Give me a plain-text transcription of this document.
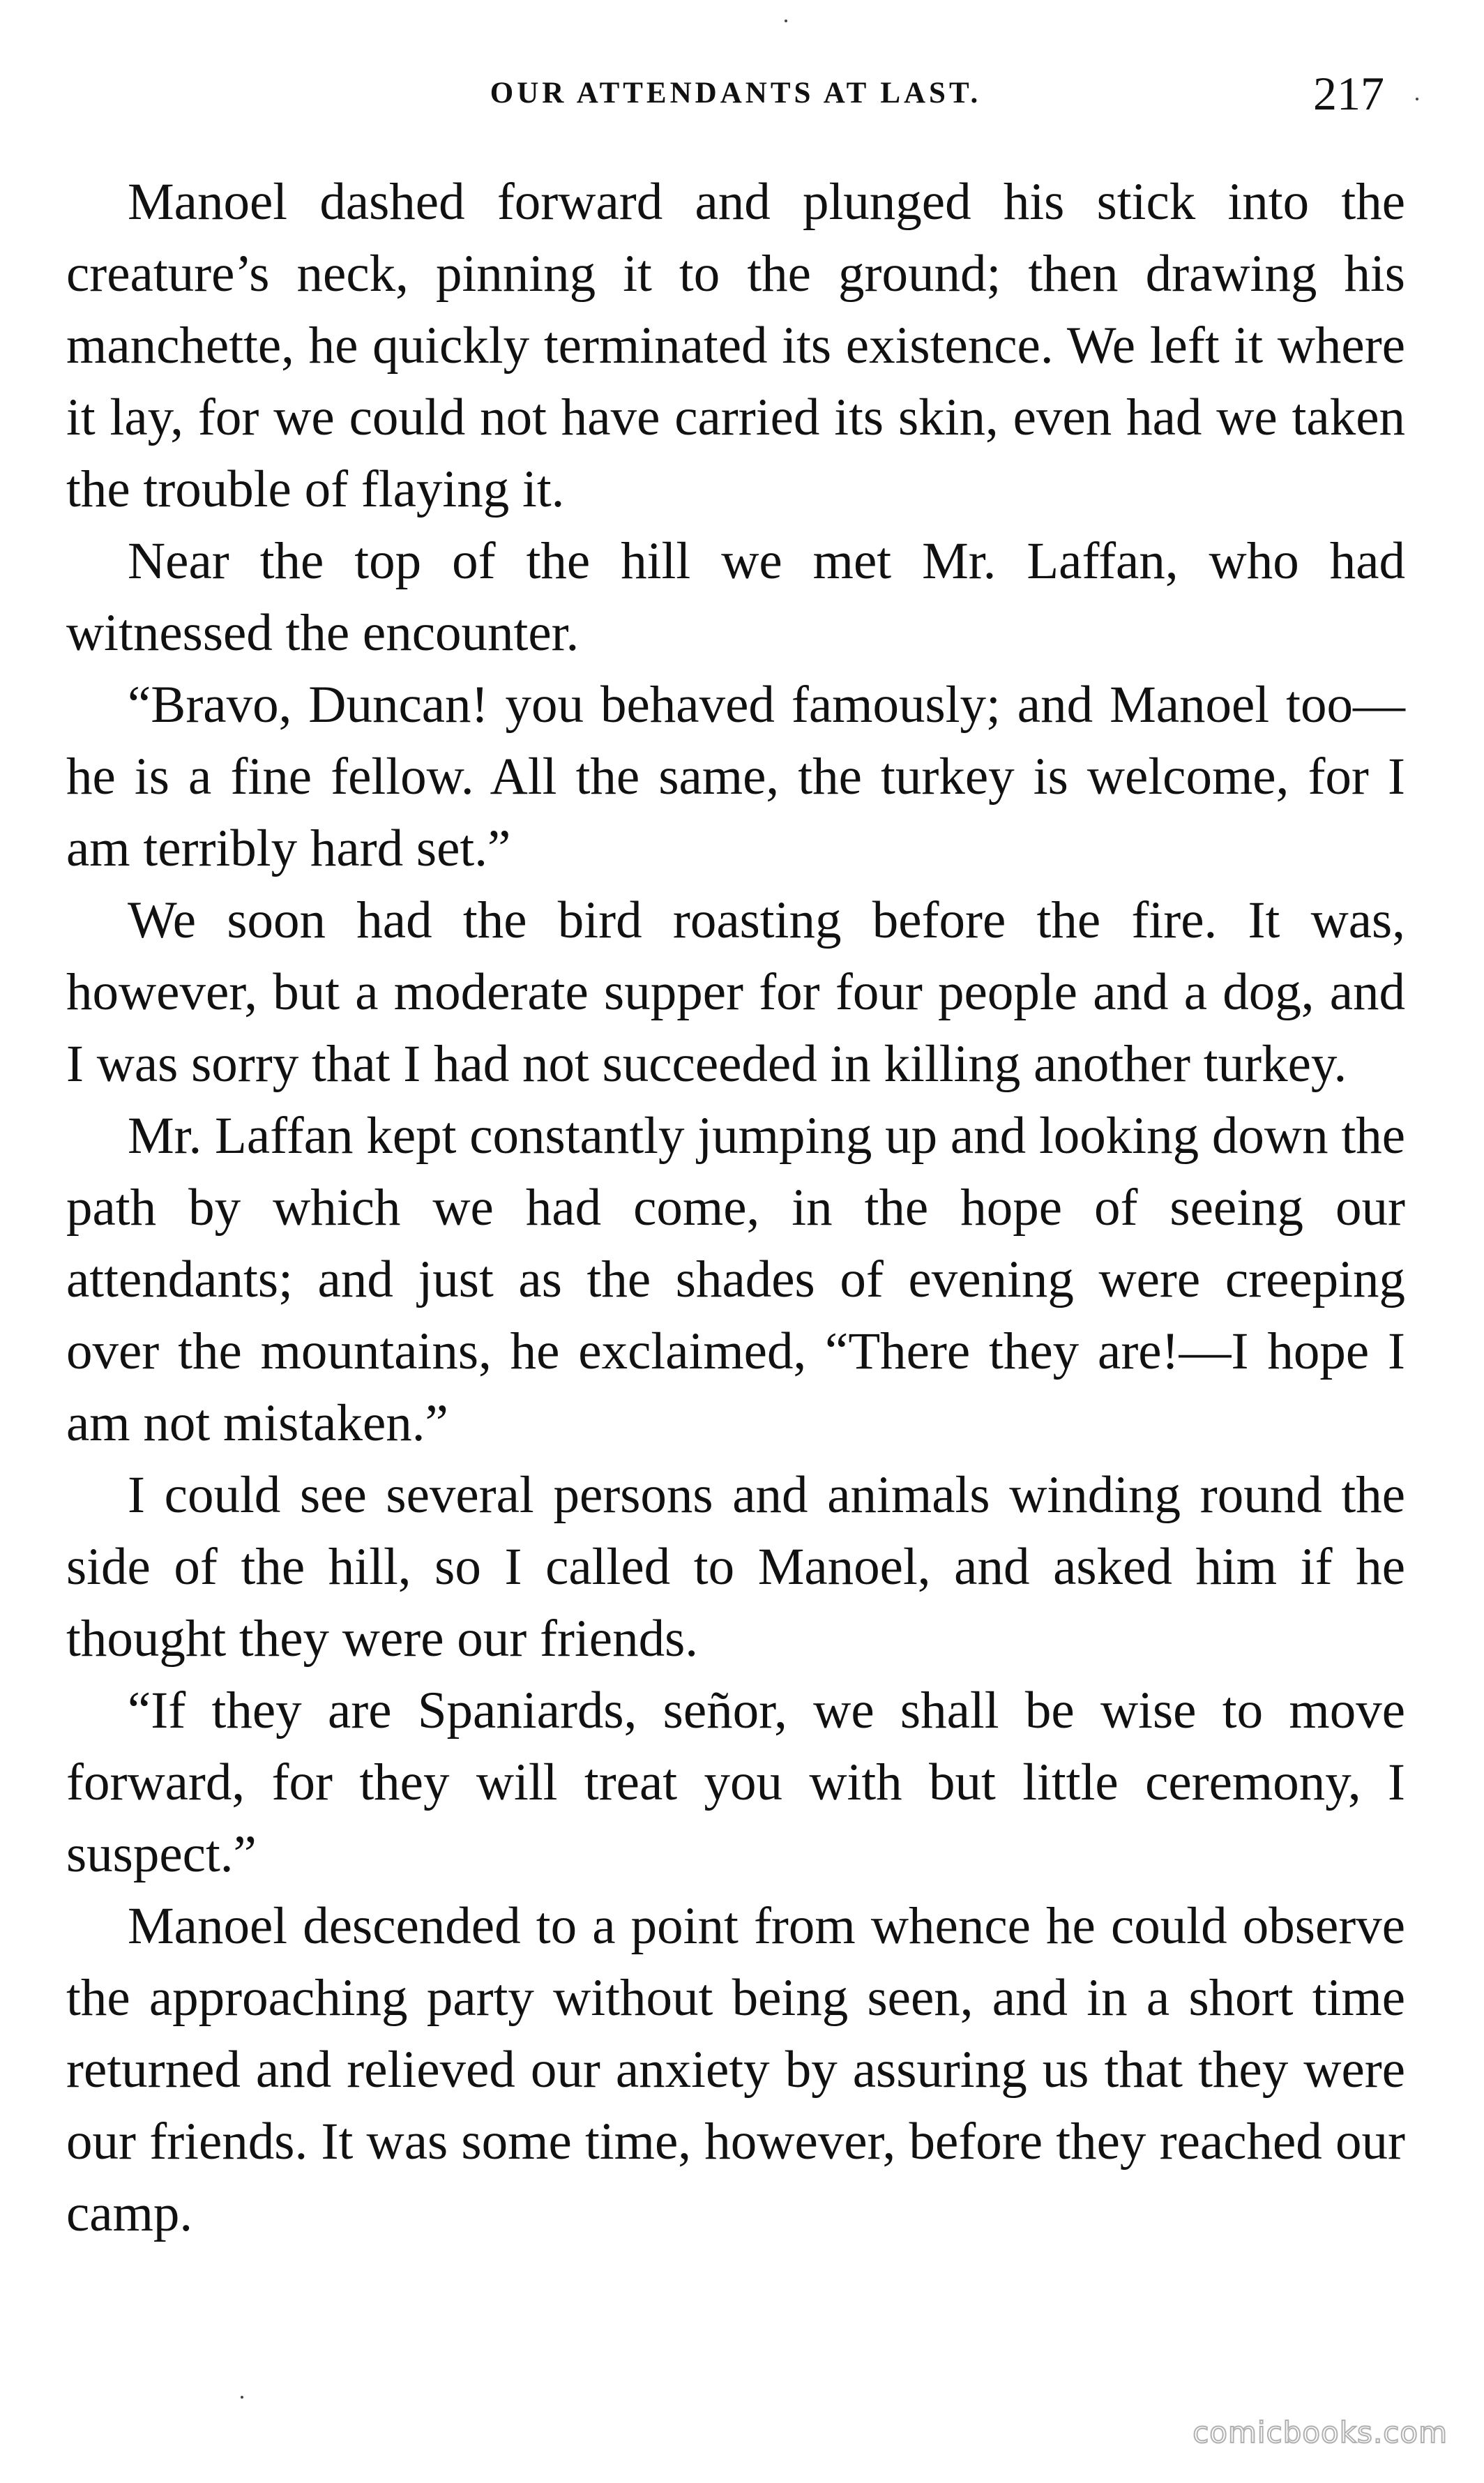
OUR ATTENDANTS AT LAST.	217

Manoel dashed forward and plunged his stick into the creature’s neck, pinning it to the ground; then drawing his manchette, he quickly terminated its existence. We left it where it lay, for we could not have carried its skin, even had we taken the trouble of flaying it.

Near the top of the hill we met Mr. Laffan, who had witnessed the encounter.

“Bravo, Duncan! you behaved famously; and Manoel too—he is a fine fellow. All the same, the turkey is welcome, for I am terribly hard set.”

We soon had the bird roasting before the fire. It was, however, but a moderate supper for four people and a dog, and I was sorry that I had not succeeded in killing another turkey.

Mr. Laffan kept constantly jumping up and looking down the path by which we had come, in the hope of seeing our attendants; and just as the shades of evening were creeping over the mountains, he exclaimed, “There they are!—I hope I am not mistaken.”

I could see several persons and animals winding round the side of the hill, so I called to Manoel, and asked him if he thought they were our friends.

“If they are Spaniards, señor, we shall be wise to move forward, for they will treat you with but little ceremony, I suspect.”

Manoel descended to a point from whence he could observe the approaching party without being seen, and in a short time returned and relieved our anxiety by assuring us that they were our friends. It was some time, however, before they reached our camp.

comicbooks.com
